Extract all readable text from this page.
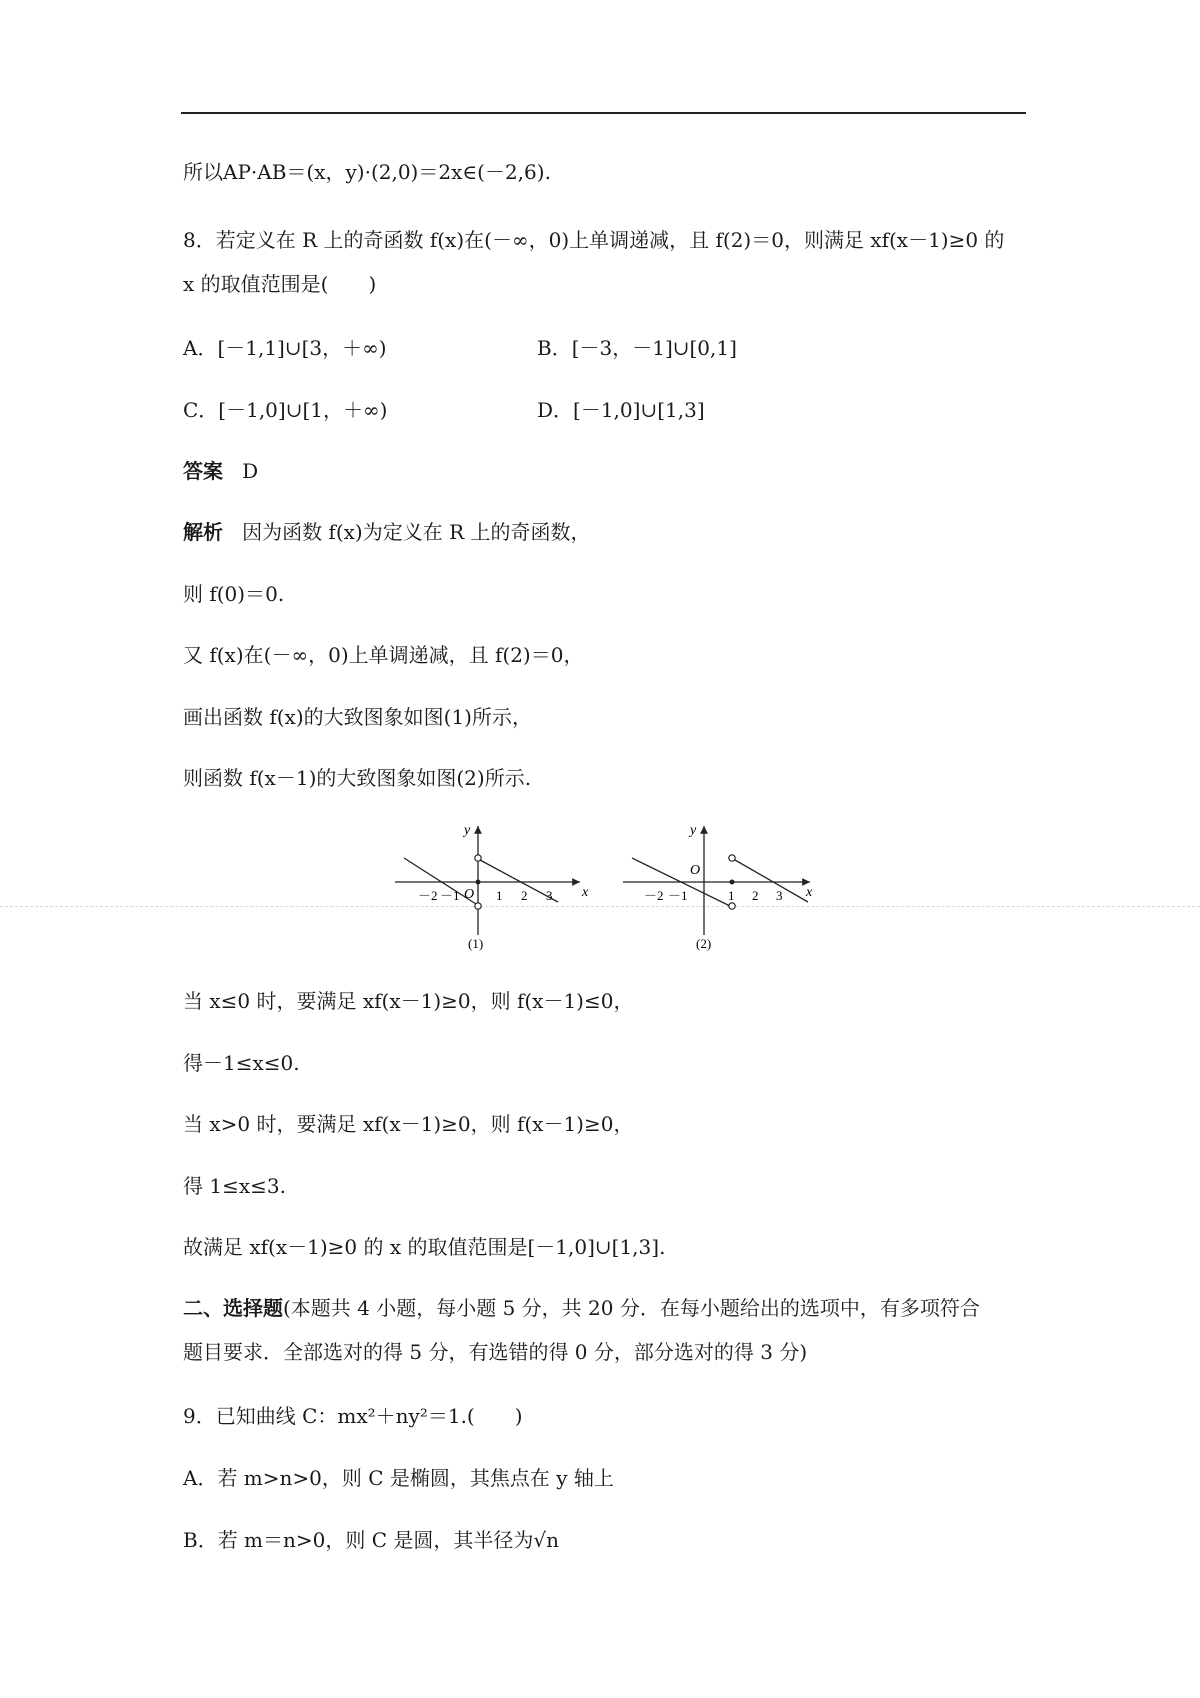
所以AP·AB＝(x，y)·(2,0)＝2x∈(－2,6).
8．若定义在 R 上的奇函数 f(x)在(－∞，0)上单调递减，且 f(2)＝0，则满足 xf(x－1)≥0 的
x 的取值范围是(　　)
A．[－1,1]∪[3，＋∞)	B．[－3，－1]∪[0,1]
C．[－1,0]∪[1，＋∞)	D．[－1,0]∪[1,3]
答案 D
解析 因为函数 f(x)为定义在 R 上的奇函数，
则 f(0)＝0.
又 f(x)在(－∞，0)上单调递减，且 f(2)＝0，
画出函数 f(x)的大致图象如图(1)所示，
则函数 f(x－1)的大致图象如图(2)所示.
y
x
O
－2 －1	1 2 3
(1)
y
x
O
－2 －1	1 2 3
(2)
当 x≤0 时，要满足 xf(x－1)≥0，则 f(x－1)≤0，
得－1≤x≤0.
当 x>0 时，要满足 xf(x－1)≥0，则 f(x－1)≥0，
得 1≤x≤3.
故满足 xf(x－1)≥0 的 x 的取值范围是[－1,0]∪[1,3].
二、选择题(本题共 4 小题，每小题 5 分，共 20 分．在每小题给出的选项中，有多项符合
题目要求．全部选对的得 5 分，有选错的得 0 分，部分选对的得 3 分)
9．已知曲线 C：mx²＋ny²＝1.(　　)
A．若 m>n>0，则 C 是椭圆，其焦点在 y 轴上
B．若 m＝n>0，则 C 是圆，其半径为√n
